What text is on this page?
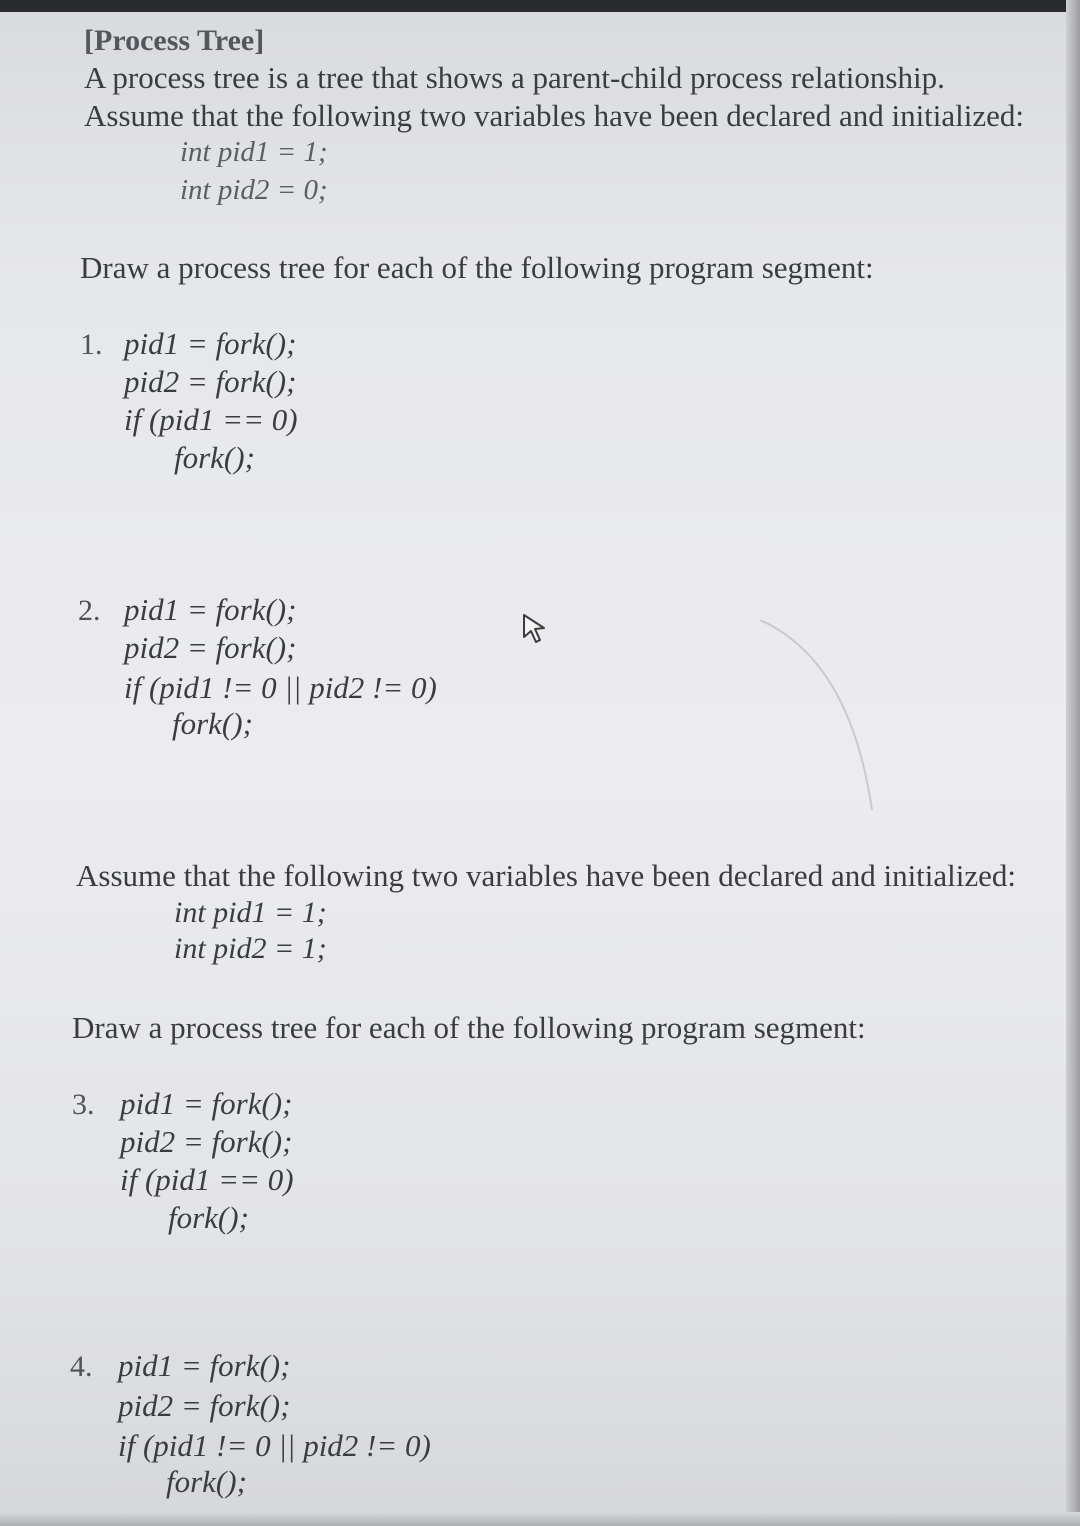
[Process Tree]
A process tree is a tree that shows a parent-child process relationship.
Assume that the following two variables have been declared and initialized:
int pid1 = 1;
int pid2 = 0;
Draw a process tree for each of the following program segment:
1. pid1 = fork();
pid2 = fork();
if (pid1 == 0)
fork();
2. pid1 = fork();
pid2 = fork();
if (pid1 != 0 || pid2 != 0)
fork();
Assume that the following two variables have been declared and initialized:
int pid1 = 1;
int pid2 = 1;
Draw a process tree for each of the following program segment:
3. pid1 = fork();
pid2 = fork();
if (pid1 == 0)
fork();
4. pid1 = fork();
pid2 = fork();
if (pid1 != 0 || pid2 != 0)
fork();
